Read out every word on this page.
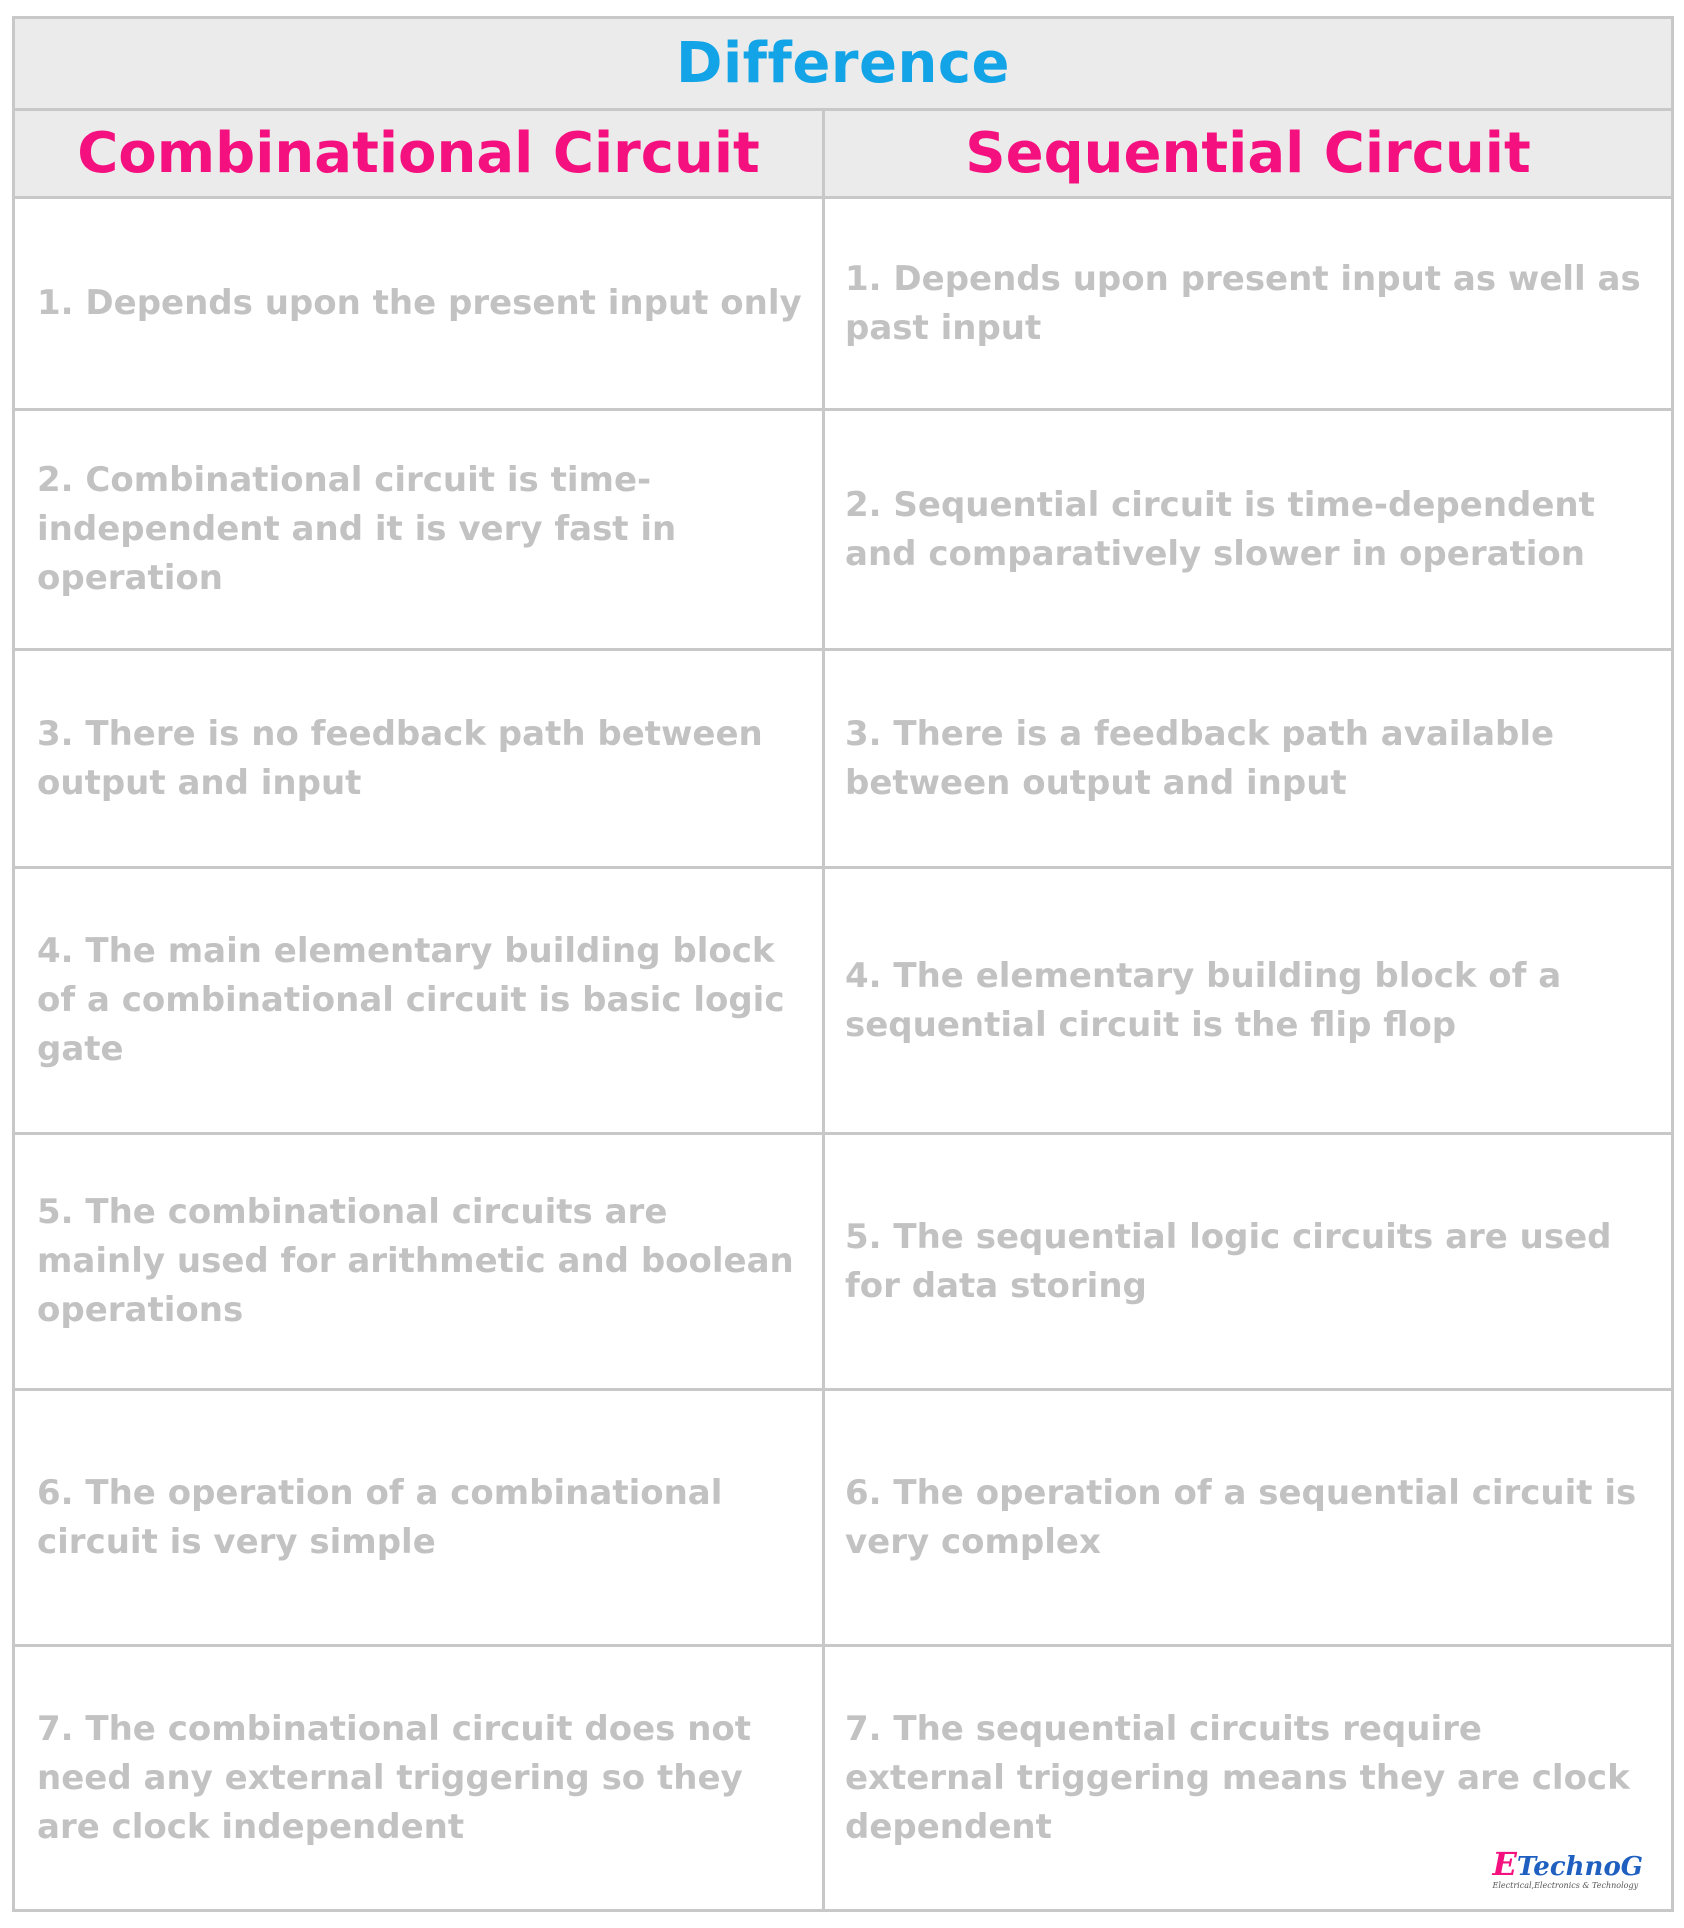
Difference
Combinational Circuit	Sequential Circuit
1. Depends upon the present input only
1. Depends upon present input as well as past input
2. Combinational circuit is time-independent and it is very fast in operation
2. Sequential circuit is time-dependent and comparatively slower in operation
3. There is no feedback path between output and input
3. There is a feedback path available between output and input
4. The main elementary building block of a combinational circuit is basic logic gate
4. The elementary building block of a sequential circuit is the flip flop
5. The combinational circuits are mainly used for arithmetic and boolean operations
5. The sequential logic circuits are used for data storing
6. The operation of a combinational circuit is very simple
6. The operation of a sequential circuit is very complex
7. The combinational circuit does not need any external triggering so they are clock independent
7. The sequential circuits require external triggering means they are clock dependent
ETechnoG
Electrical,Electronics & Technology
